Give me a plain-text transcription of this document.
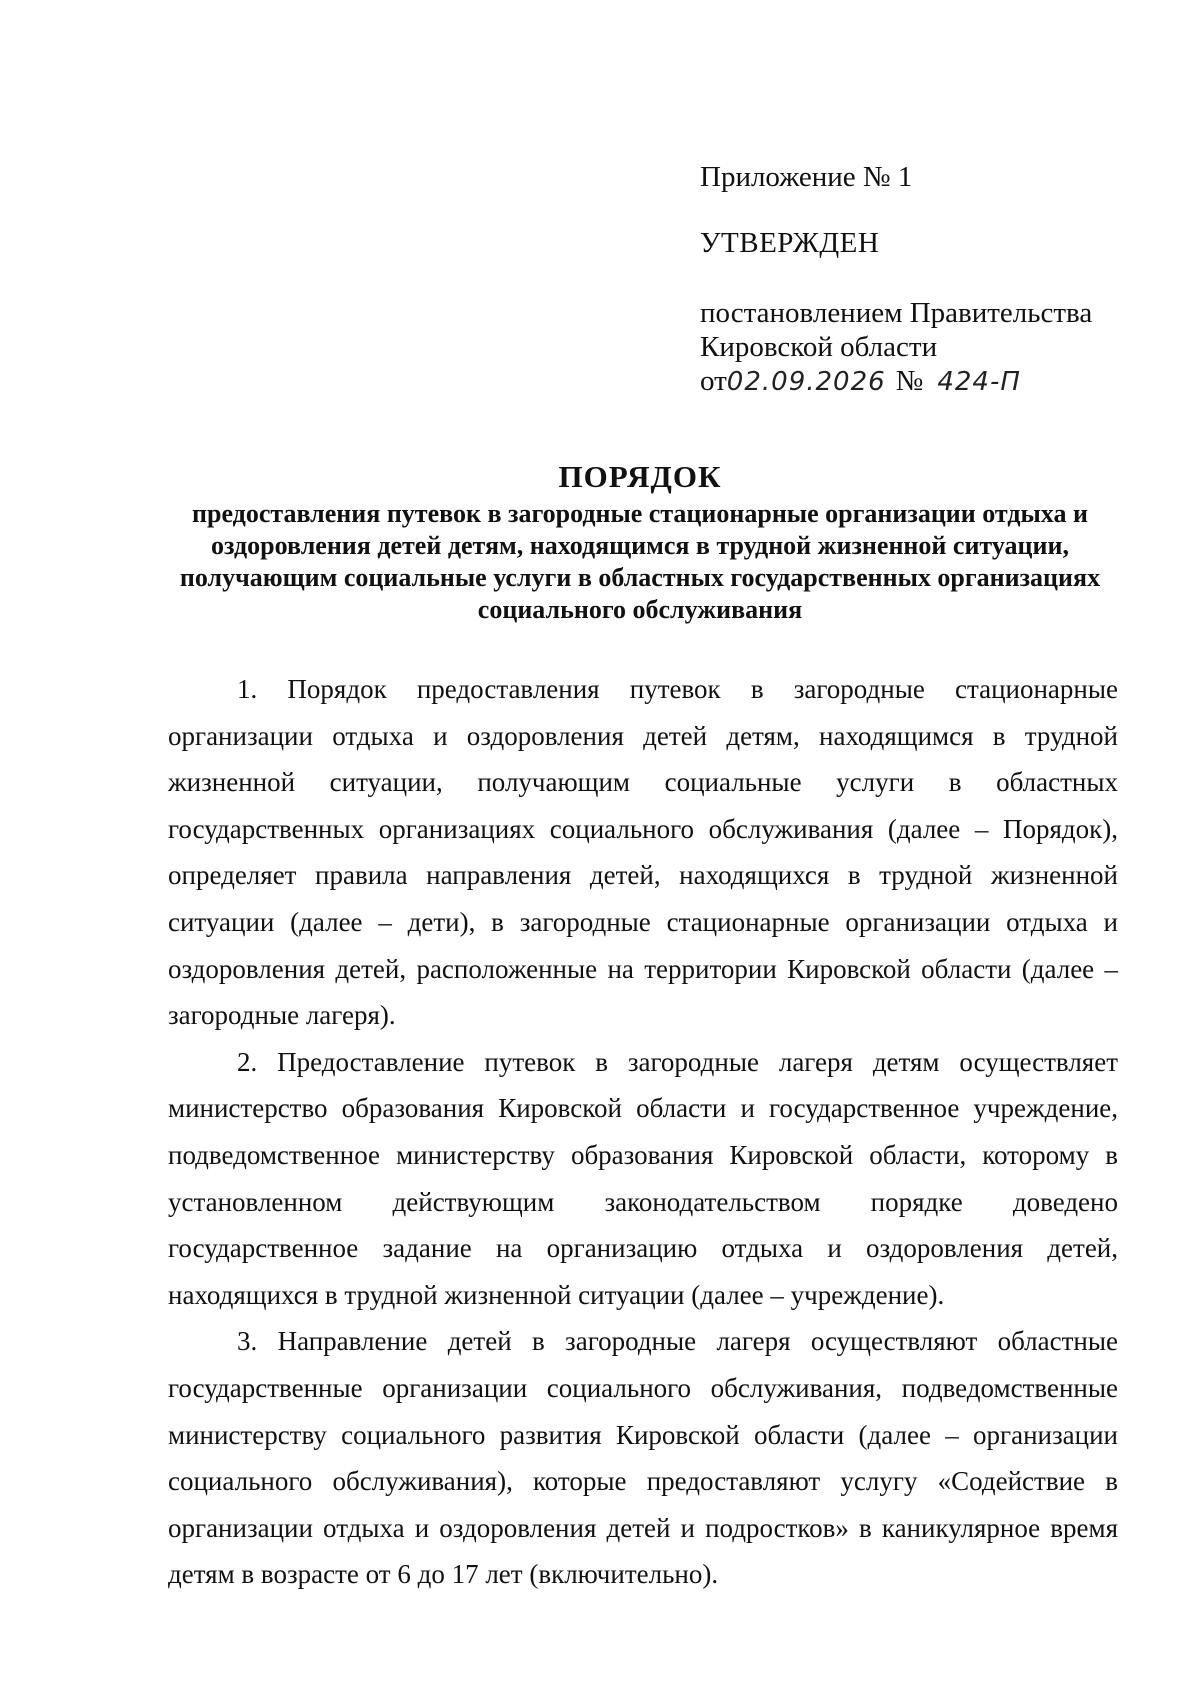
Приложение № 1
УТВЕРЖДЕН
постановлением Правительства
Кировской области
от02.09.2026 № 424-П
ПОРЯДОК
предоставления путевок в загородные стационарные организации отдыха и оздоровления детей детям, находящимся в трудной жизненной ситуации, получающим социальные услуги в областных государственных организациях социального обслуживания

1. Порядок предоставления путевок в загородные стационарные организации отдыха и оздоровления детей детям, находящимся в трудной жизненной ситуации, получающим социальные услуги в областных государственных организациях социального обслуживания (далее – Порядок), определяет правила направления детей, находящихся в трудной жизненной ситуации (далее – дети), в загородные стационарные организации отдыха и оздоровления детей, расположенные на территории Кировской области (далее – загородные лагеря).

2. Предоставление путевок в загородные лагеря детям осуществляет министерство образования Кировской области и государственное учреждение, подведомственное министерству образования Кировской области, которому в установленном действующим законодательством порядке доведено государственное задание на организацию отдыха и оздоровления детей, находящихся в трудной жизненной ситуации (далее – учреждение).

3. Направление детей в загородные лагеря осуществляют областные государственные организации социального обслуживания, подведомственные министерству социального развития Кировской области (далее – организации социального обслуживания), которые предоставляют услугу «Содействие в организации отдыха и оздоровления детей и подростков» в каникулярное время детям в возрасте от 6 до 17 лет (включительно).
